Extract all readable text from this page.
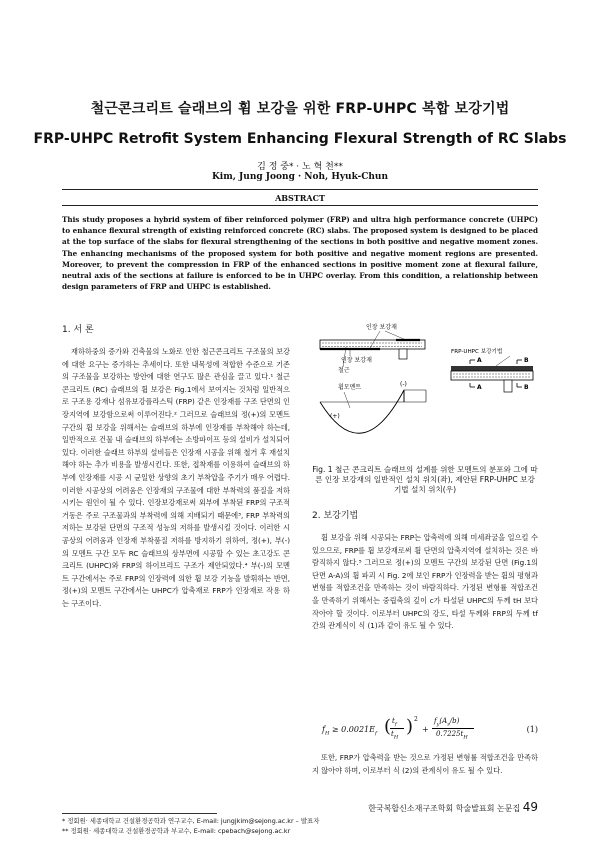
철근콘크리트 슬래브의 휨 보강을 위한 FRP-UHPC 복합 보강기법
FRP-UHPC Retrofit System Enhancing Flexural Strength of RC Slabs
김 정 중* · 노 혁 천**
Kim, Jung Joong · Noh, Hyuk-Chun
ABSTRACT
This study proposes a hybrid system of fiber reinforced polymer (FRP) and ultra high performance concrete (UHPC) to enhance flexural strength of existing reinforced concrete (RC) slabs. The proposed system is designed to be placed at the top surface of the slabs for flexural strengthening of the sections in both positive and negative moment zones. The enhancing mechanisms of the proposed system for both positive and negative moment regions are presented. Moreover, to prevent the compression in FRP of the enhanced sections in positive moment zone at flexural failure, neutral axis of the sections at failure is enforced to be in UHPC overlay. From this condition, a relationship between design parameters of FRP and UHPC is established.
1. 서 론

재하하중의 증가와 건축물의 노화로 인한 철근콘크리트 구조물의 보강에 대한 요구는 증가하는 추세이다. 또한 내목성에 적합한 수준으로 기존의 구조물을 보강하는 방안에 대한 연구도 많은 관심을 끌고 있다.¹ 철근콘크리트 (RC) 슬래브의 휨 보강은 Fig.1에서 보여지는 것처럼 일반적으로 구조용 강재나 섬유보강플라스틱 (FRP) 같은 인장재를 구조 단면의 인장지역에 보강함으로써 이루어진다.² 그러므로 슬래브의 정(+)의 모멘트 구간의 휨 보강을 위해서는 슬래브의 하부에 인장재를 부착해야 하는데, 일반적으로 건물 내 슬래브의 하부에는 소방파이프 등의 설비가 설치되어 있다. 이러한 슬래브 하부의 설비들은 인장재 시공을 위해 철거 후 재설치 해야 하는 추가 비용을 발생시킨다. 또한, 접착재를 이용하여 슬래브의 하부에 인장재를 시공 시 균일한 상향의 초기 부착압을 주기가 매우 어렵다. 이러한 시공상의 어려움은 인장재의 구조물에 대한 부착력의 품질을 저하시키는 원인이 될 수 있다. 인장보강재로써 외부에 부착된 FRP의 구조적 거동은 주로 구조물과의 부착력에 의해 지배되기 때문에³, FRP 부착력의 저하는 보강된 단면의 구조적 성능의 저하를 발생시킬 것이다. 이러한 시공상의 어려움과 인장재 부착품질 저하를 방지하기 위하여, 정(+), 부(-)의 모멘트 구간 모두 RC 슬래브의 상부면에 시공할 수 있는 초고강도 콘크리트 (UHPC)와 FRP의 하이브리드 구조가 제안되었다.⁴ 부(-)의 모멘트 구간에서는 주로 FRP의 인장력에 의한 휨 보강 기능을 발휘하는 반면, 정(+)의 모멘트 구간에서는 UHPC가 압축재로 FRP가 인장재로 작용 하는 구조이다.

인장 보강재
인장 보강재
철근
휨모멘트
(+)
(-)
FRP-UHPC 보강기법
B
B
A
A
Fig. 1 철근 콘크리트 슬래브의 설계를 위한 모멘트의 분포와 그에 따른 인장 보강재의 일반적인 설치 위치(좌), 제안된 FRP-UHPC 보강기법 설치 위치(우)
2. 보강기법

휨 보강을 위해 시공되는 FRP는 압축력에 의해 미세좌굴을 일으킬 수 있으므로, FRP를 휨 보강재로써 휨 단면의 압축지역에 설치하는 것은 바람직하지 않다.⁵ 그러므로 정(+)의 모멘트 구간의 보강된 단면 (Fig.1의 단면 A-A)의 휨 파괴 시 Fig. 2에 보인 FRP가 인장력을 받는 휨의 평형과 변형를 적합조건을 만족하는 것이 바람직하다. 가정된 변형률 적합조건을 만족하기 위해서는 중립축의 깊이 c가 타설된 UHPC의 두께 tH 보다 작아야 할 것이다. 이로부터 UHPC의 강도, 타설 두께와 FRP의 두께 tf 간의 관계식이 식 (1)과 같이 유도 될 수 있다.

$f_H \ge 0.0021E_f$ ( $t_f$
$t_H$
) 2
+
$f_y(A_s/b)$
$0.7225t_H$
(1)

또한, FRP가 압축력을 받는 것으로 가정된 변형률 적합조건을 만족하지 않아야 하며, 이로부터 식 (2)의 관계식이 유도 될 수 있다.

* 정회원· 세종대학교 건설환경공학과 연구교수, E-mail: jungjkim@sejong.ac.kr – 발표자
** 정회원· 세종대학교 건설환경공학과 부교수, E-mail: cpebach@sejong.ac.kr
한국복합신소재구조학회 학술발표회 논문집 49
